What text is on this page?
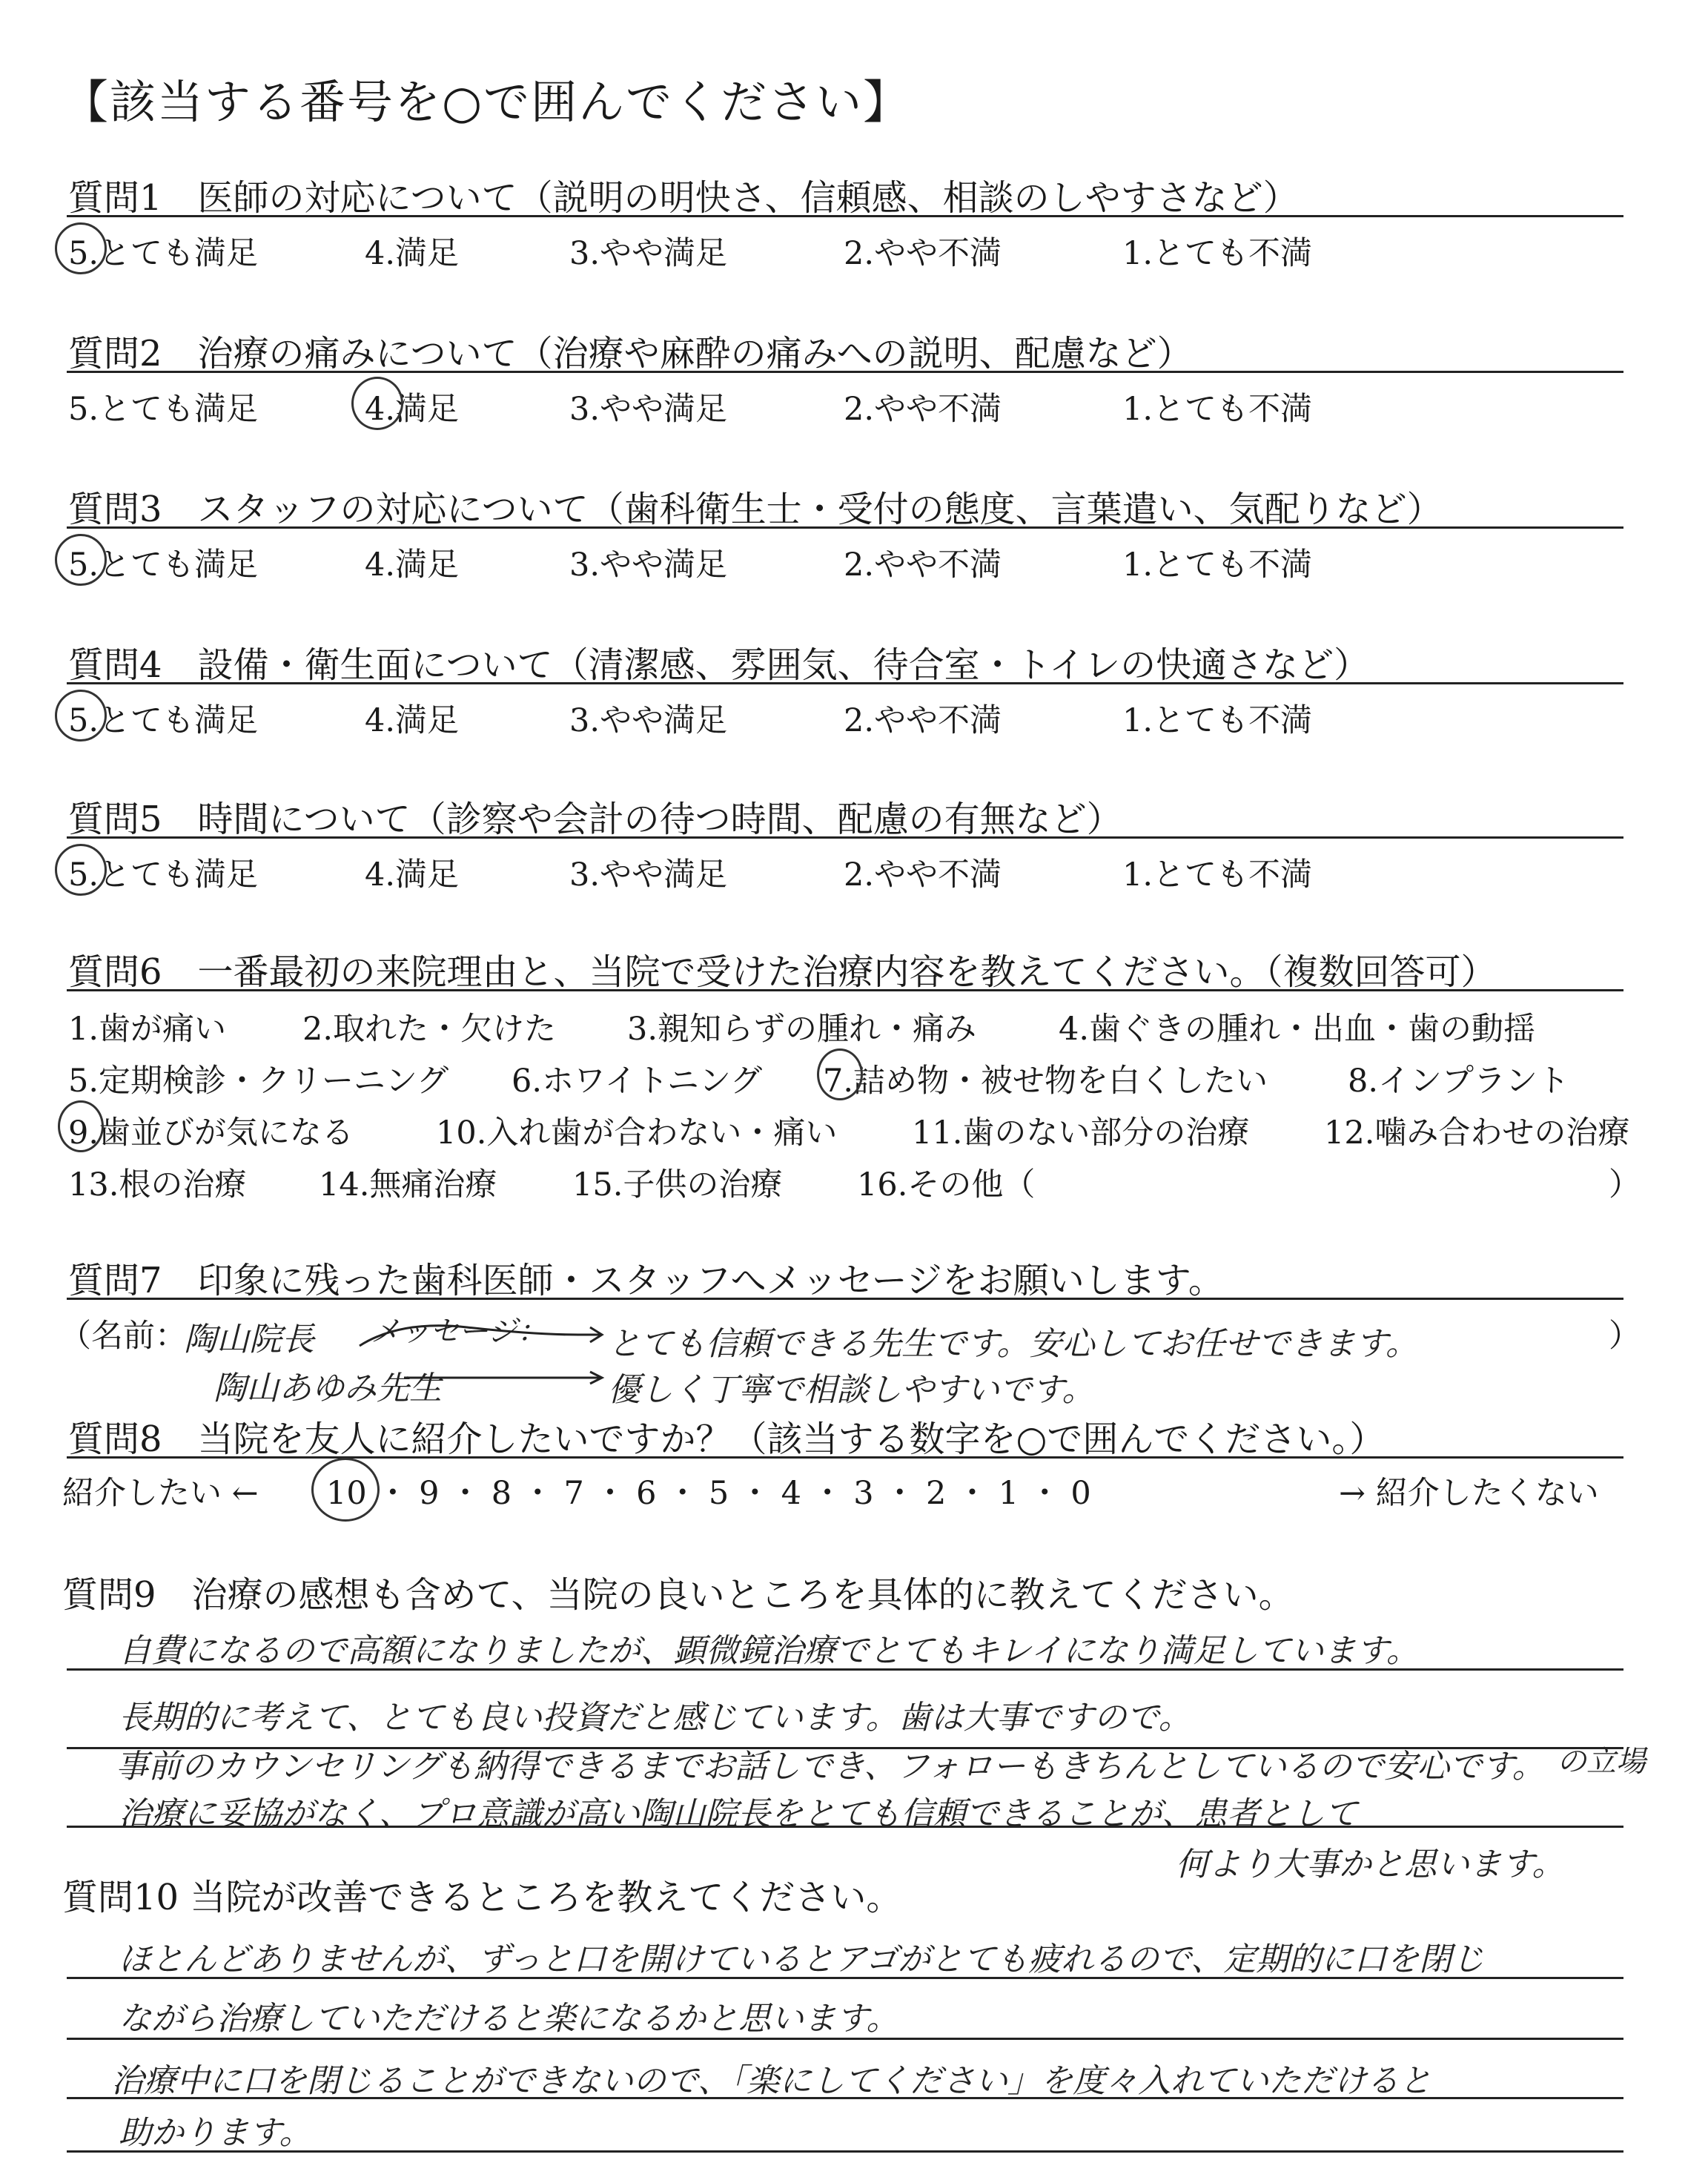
【該当する番号を○で囲んでください】
質問1　医師の対応について（説明の明快さ、信頼感、相談のしやすさなど）
5.とても満足	4.満足	3.やや満足	2.やや不満	1.とても不満
質問2　治療の痛みについて（治療や麻酔の痛みへの説明、配慮など）
5.とても満足	4.満足	3.やや満足	2.やや不満	1.とても不満
質問3　スタッフの対応について（歯科衛生士・受付の態度、言葉遣い、気配りなど）
5.とても満足	4.満足	3.やや満足	2.やや不満	1.とても不満
質問4　設備・衛生面について（清潔感、雰囲気、待合室・トイレの快適さなど）
5.とても満足	4.満足	3.やや満足	2.やや不満	1.とても不満
質問5　時間について（診察や会計の待つ時間、配慮の有無など）
5.とても満足	4.満足	3.やや満足	2.やや不満	1.とても不満
質問6　一番最初の来院理由と、当院で受けた治療内容を教えてください。（複数回答可）
1.歯が痛い 2.取れた・欠けた 3.親知らずの腫れ・痛み	4.歯ぐきの腫れ・出血・歯の動揺
5.定期検診・クリーニング 6.ホワイトニング 7.詰め物・被せ物を白くしたい	8.インプラント
9.歯並びが気になる	10.入れ歯が合わない・痛い 11.歯のない部分の治療 12.噛み合わせの治療
13.根の治療 14.無痛治療 15.子供の治療 16.その他（	）
質問7　印象に残った歯科医師・スタッフへメッセージをお願いします。
（名前：	）
陶山院長 メッセージ： とても信頼できる先生です。安心してお任せできます。
陶山あゆみ先生	優しく丁寧で相談しやすいです。
質問8　当院を友人に紹介したいですか？（該当する数字を○で囲んでください。）
紹介したい ← 10 ・ 9 ・ 8 ・ 7 ・ 6 ・ 5 ・ 4 ・ 3 ・ 2 ・ 1 ・ 0	→ 紹介したくない
質問9　治療の感想も含めて、当院の良いところを具体的に教えてください。
自費になるので高額になりましたが、顕微鏡治療でとてもキレイになり満足しています。
長期的に考えて、とても良い投資だと感じています。歯は大事ですので。
事前のカウンセリングも納得できるまでお話しでき、フォローもきちんとしているので安心です。 の立場
治療に妥協がなく、プロ意識が高い陶山院長をとても信頼できることが、患者として
何より大事かと思います。
質問10 当院が改善できるところを教えてください。
ほとんどありませんが、ずっと口を開けているとアゴがとても疲れるので、定期的に口を閉じ
ながら治療していただけると楽になるかと思います。
治療中に口を閉じることができないので、「楽にしてください」を度々入れていただけると
助かります。
